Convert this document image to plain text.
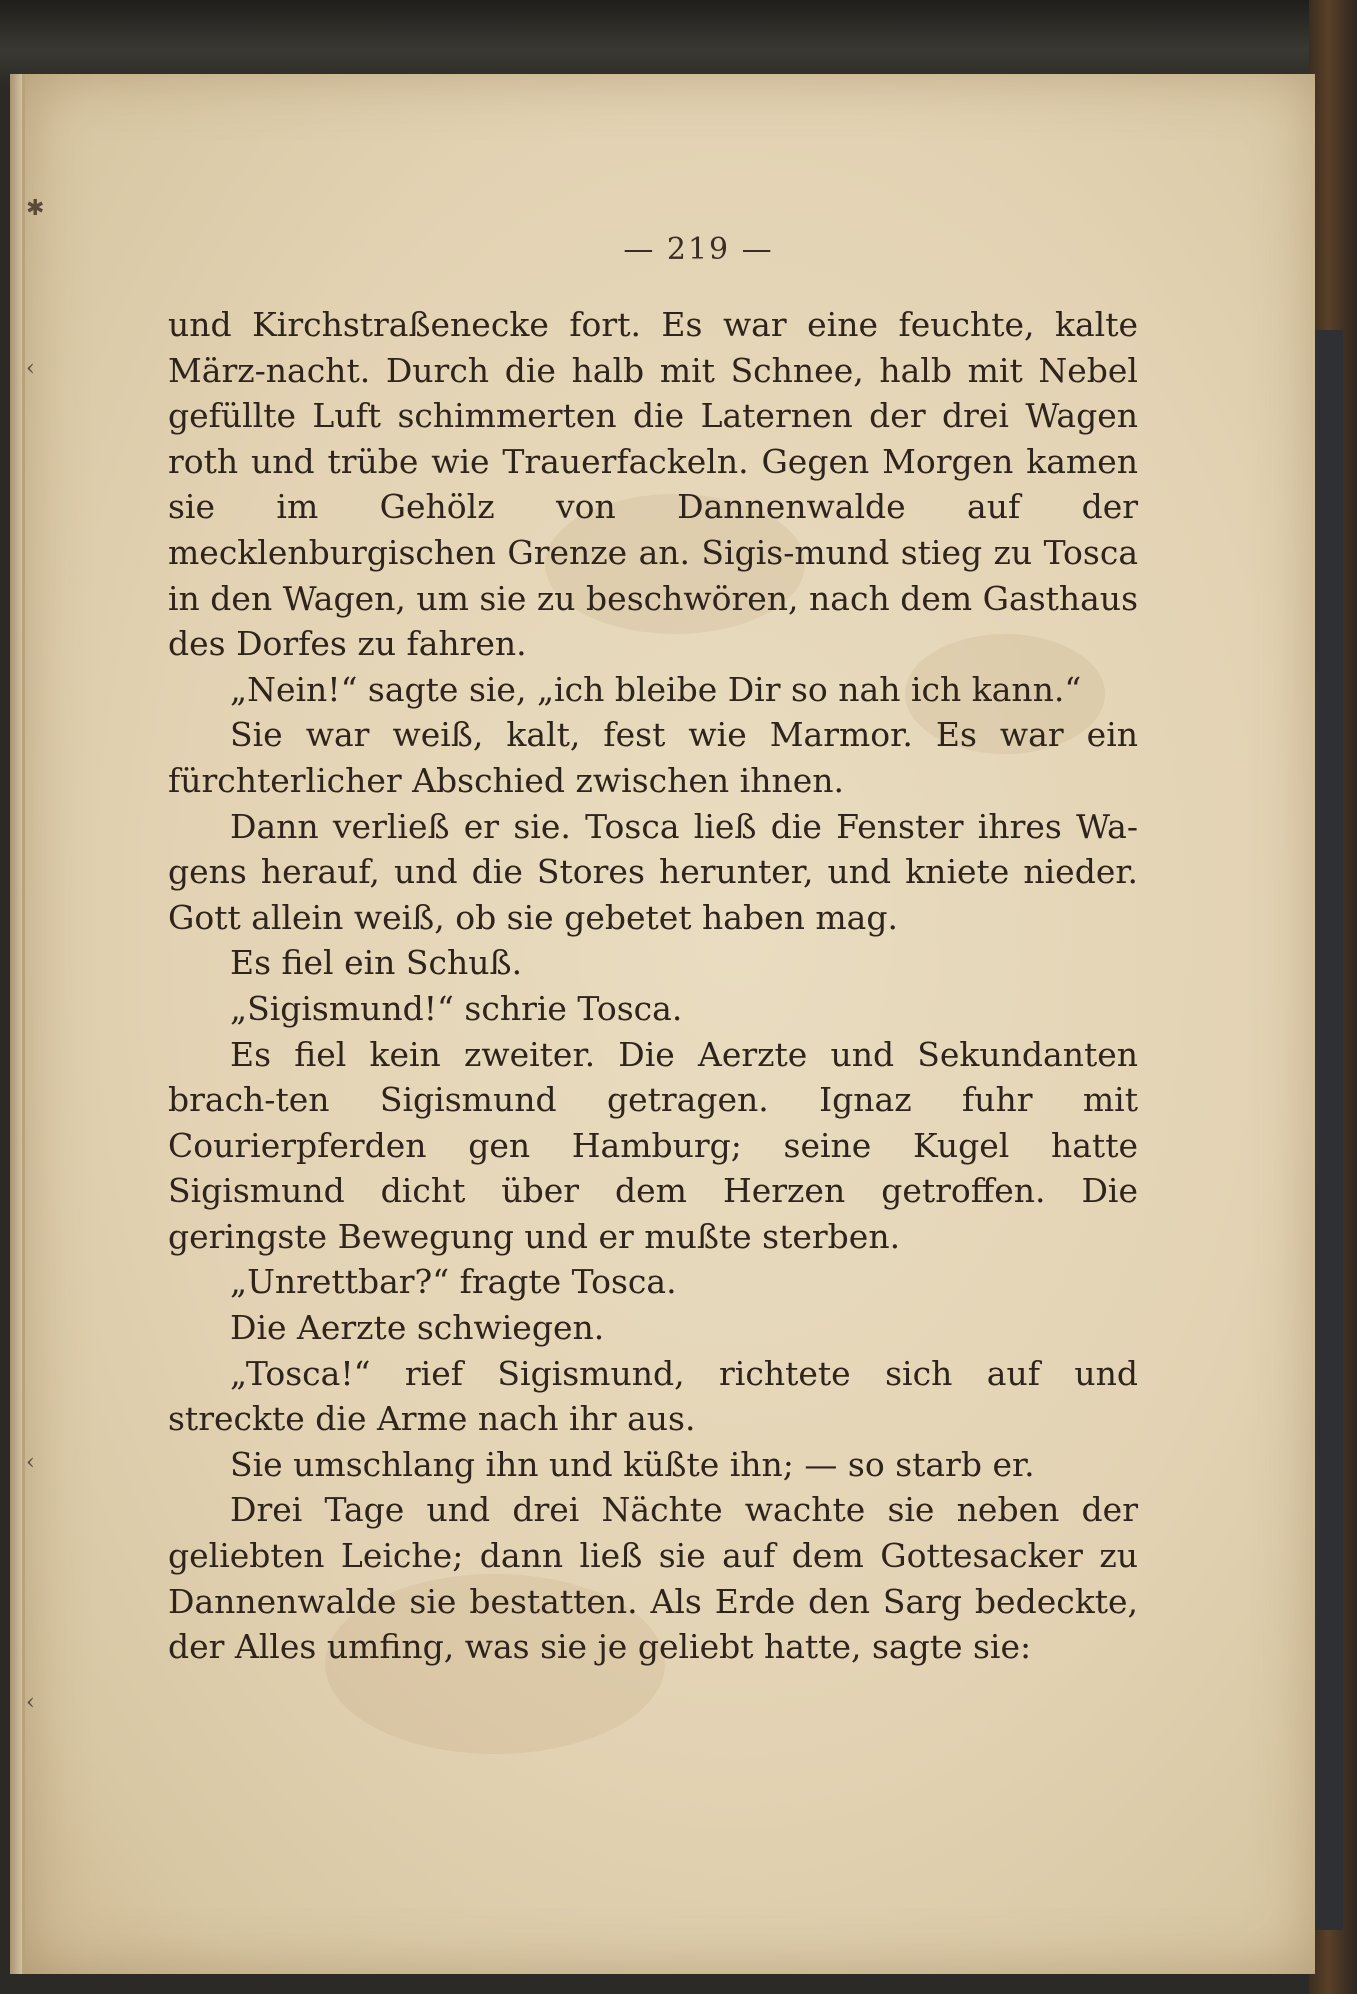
✱
‹
‹
‹
— 219 —

und Kirchstraßenecke fort. Es war eine feuchte, kalte März-nacht. Durch die halb mit Schnee, halb mit Nebel gefüllte Luft schimmerten die Laternen der drei Wagen roth und trübe wie Trauerfackeln. Gegen Morgen kamen sie im Gehölz von Dannenwalde auf der mecklenburgischen Grenze an. Sigis-mund stieg zu Tosca in den Wagen, um sie zu beschwören, nach dem Gasthaus des Dorfes zu fahren.

„Nein!“ sagte sie, „ich bleibe Dir so nah ich kann.“

Sie war weiß, kalt, fest wie Marmor. Es war ein fürchterlicher Abschied zwischen ihnen.

Dann verließ er sie. Tosca ließ die Fenster ihres Wa-gens herauf, und die Stores herunter, und kniete nieder. Gott allein weiß, ob sie gebetet haben mag.

Es fiel ein Schuß.

„Sigismund!“ schrie Tosca.

Es fiel kein zweiter. Die Aerzte und Sekundanten brach-ten Sigismund getragen. Ignaz fuhr mit Courierpferden gen Hamburg; seine Kugel hatte Sigismund dicht über dem Herzen getroffen. Die geringste Bewegung und er mußte sterben.

„Unrettbar?“ fragte Tosca.

Die Aerzte schwiegen.

„Tosca!“ rief Sigismund, richtete sich auf und streckte die Arme nach ihr aus.

Sie umschlang ihn und küßte ihn; — so starb er.

Drei Tage und drei Nächte wachte sie neben der geliebten Leiche; dann ließ sie auf dem Gottesacker zu Dannenwalde sie bestatten. Als Erde den Sarg bedeckte, der Alles umfing, was sie je geliebt hatte, sagte sie:
